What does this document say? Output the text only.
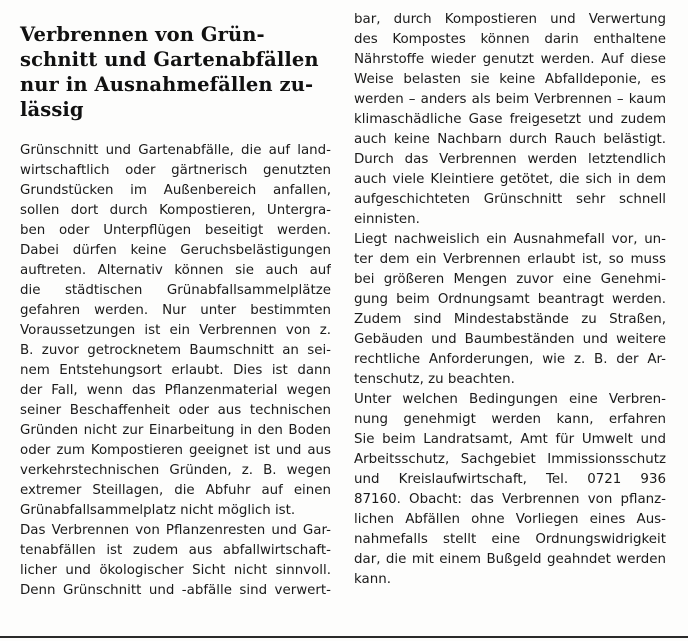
Verbrennen von Grün-
schnitt und Gartenabfällen
nur in Ausnahmefällen zu-
lässig
Grünschnitt und Gartenabfälle, die auf land-
wirtschaftlich oder gärtnerisch genutzten
Grundstücken im Außenbereich anfallen,
sollen dort durch Kompostieren, Untergra-
ben oder Unterpflügen beseitigt werden.
Dabei dürfen keine Geruchsbelästigungen
auftreten. Alternativ können sie auch auf
die städtischen Grünabfallsammelplätze
gefahren werden. Nur unter bestimmten
Voraussetzungen ist ein Verbrennen von z.
B. zuvor getrocknetem Baumschnitt an sei-
nem Entstehungsort erlaubt. Dies ist dann
der Fall, wenn das Pflanzenmaterial wegen
seiner Beschaffenheit oder aus technischen
Gründen nicht zur Einarbeitung in den Boden
oder zum Kompostieren geeignet ist und aus
verkehrstechnischen Gründen, z. B. wegen
extremer Steillagen, die Abfuhr auf einen
Grünabfallsammelplatz nicht möglich ist.
Das Verbrennen von Pflanzenresten und Gar-
tenabfällen ist zudem aus abfallwirtschaft-
licher und ökologischer Sicht nicht sinnvoll.
Denn Grünschnitt und -abfälle sind verwert-
bar, durch Kompostieren und Verwertung
des Kompostes können darin enthaltene
Nährstoffe wieder genutzt werden. Auf diese
Weise belasten sie keine Abfalldeponie, es
werden – anders als beim Verbrennen – kaum
klimaschädliche Gase freigesetzt und zudem
auch keine Nachbarn durch Rauch belästigt.
Durch das Verbrennen werden letztendlich
auch viele Kleintiere getötet, die sich in dem
aufgeschichteten Grünschnitt sehr schnell
einnisten.
Liegt nachweislich ein Ausnahmefall vor, un-
ter dem ein Verbrennen erlaubt ist, so muss
bei größeren Mengen zuvor eine Genehmi-
gung beim Ordnungsamt beantragt werden.
Zudem sind Mindestabstände zu Straßen,
Gebäuden und Baumbeständen und weitere
rechtliche Anforderungen, wie z. B. der Ar-
tenschutz, zu beachten.
Unter welchen Bedingungen eine Verbren-
nung genehmigt werden kann, erfahren
Sie beim Landratsamt, Amt für Umwelt und
Arbeitsschutz, Sachgebiet Immissionsschutz
und Kreislaufwirtschaft, Tel. 0721 936
87160. Obacht: das Verbrennen von pflanz-
lichen Abfällen ohne Vorliegen eines Aus-
nahmefalls stellt eine Ordnungswidrigkeit
dar, die mit einem Bußgeld geahndet werden
kann.
